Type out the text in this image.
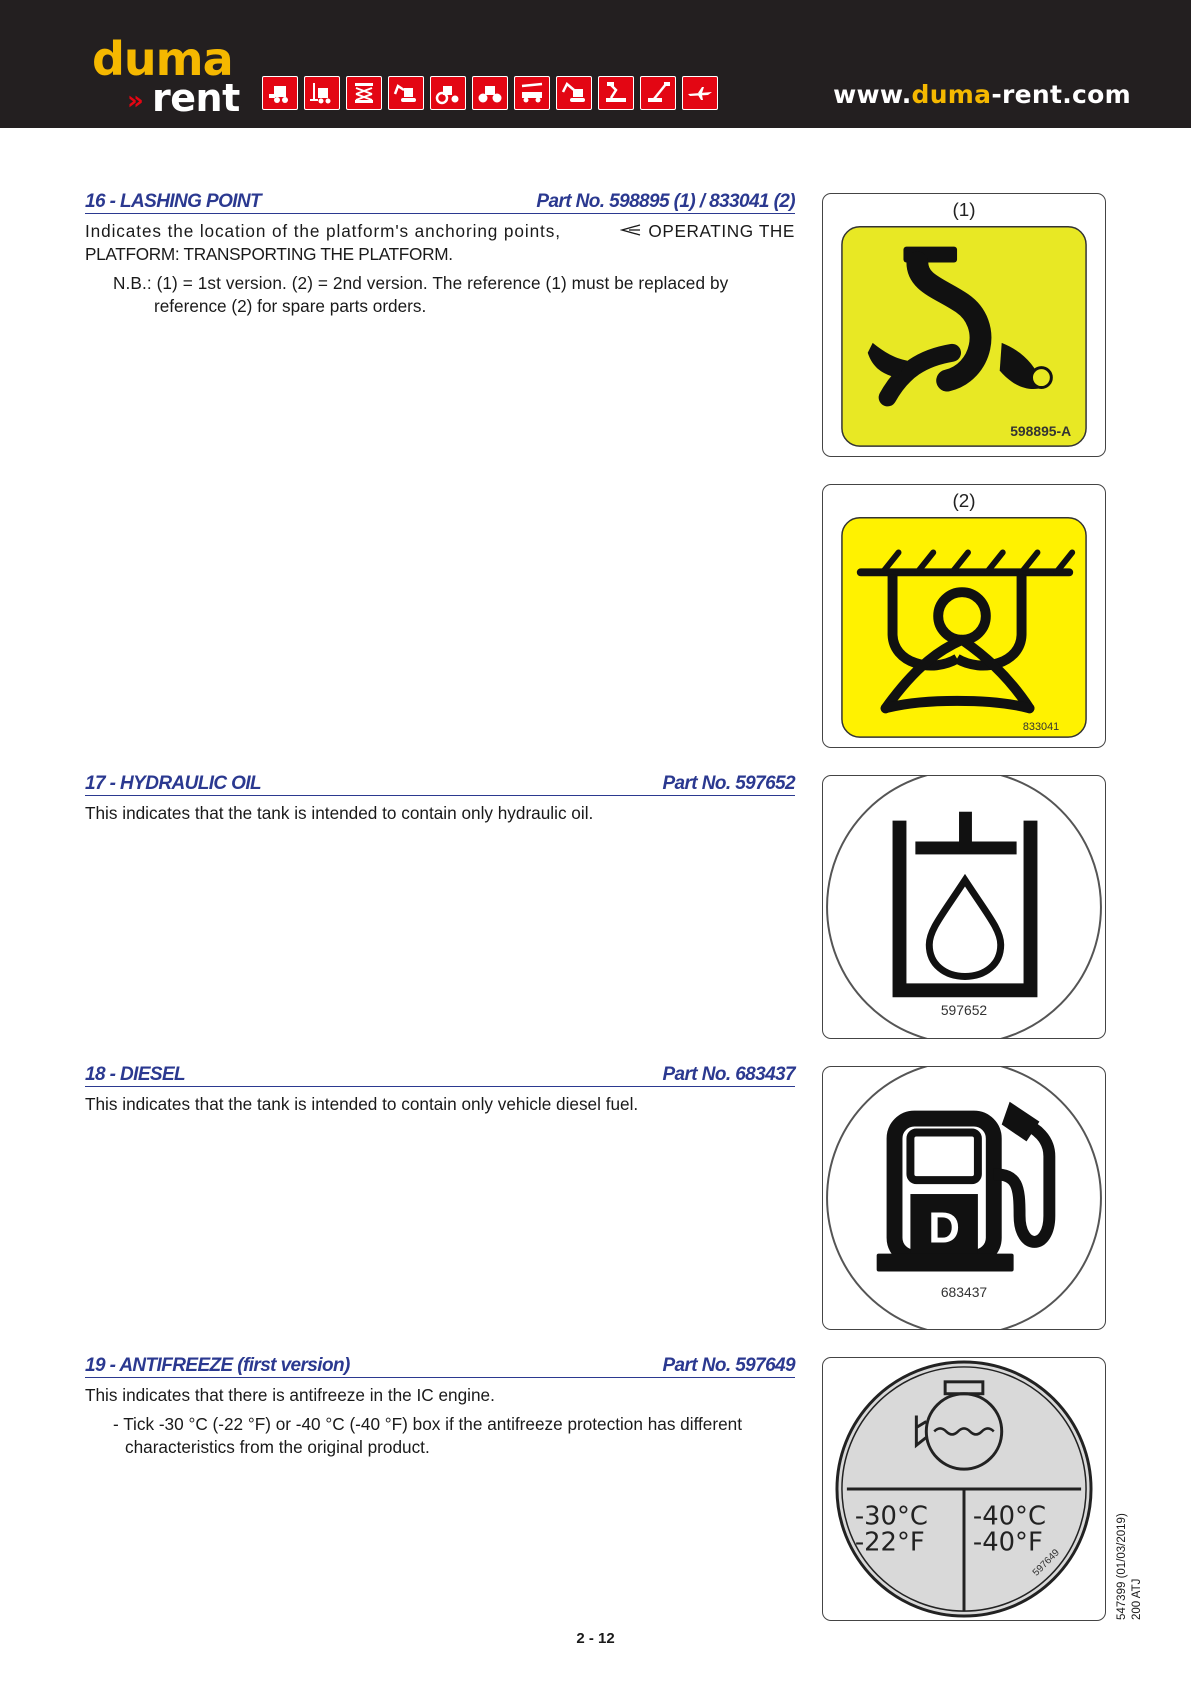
duma
» rent	www.duma-rent.com
16 - LASHING POINT	Part No. 598895 (1) / 833041 (2)
Indicates the location of the platform's anchoring points,	OPERATING THE
PLATFORM: TRANSPORTING THE PLATFORM.
N.B.: (1) = 1st version. (2) = 2nd version. The reference (1) must be replaced by
reference (2) for spare parts orders.
17 - HYDRAULIC OIL	Part No. 597652
This indicates that the tank is intended to contain only hydraulic oil.
18 - DIESEL	Part No. 683437
This indicates that the tank is intended to contain only vehicle diesel fuel.
19 - ANTIFREEZE (first version)	Part No. 597649
This indicates that there is antifreeze in the IC engine.
- Tick -30 °C (-22 °F) or -40 °C (-40 °F) box if the antifreeze protection has different
characteristics from the original product.
(1)
598895-A
(2)
833041
597652
D
683437
-30°C
-22°F
-40°C
-40°F
597649
2 - 12
547399 (01/03/2019) 200 ATJ
